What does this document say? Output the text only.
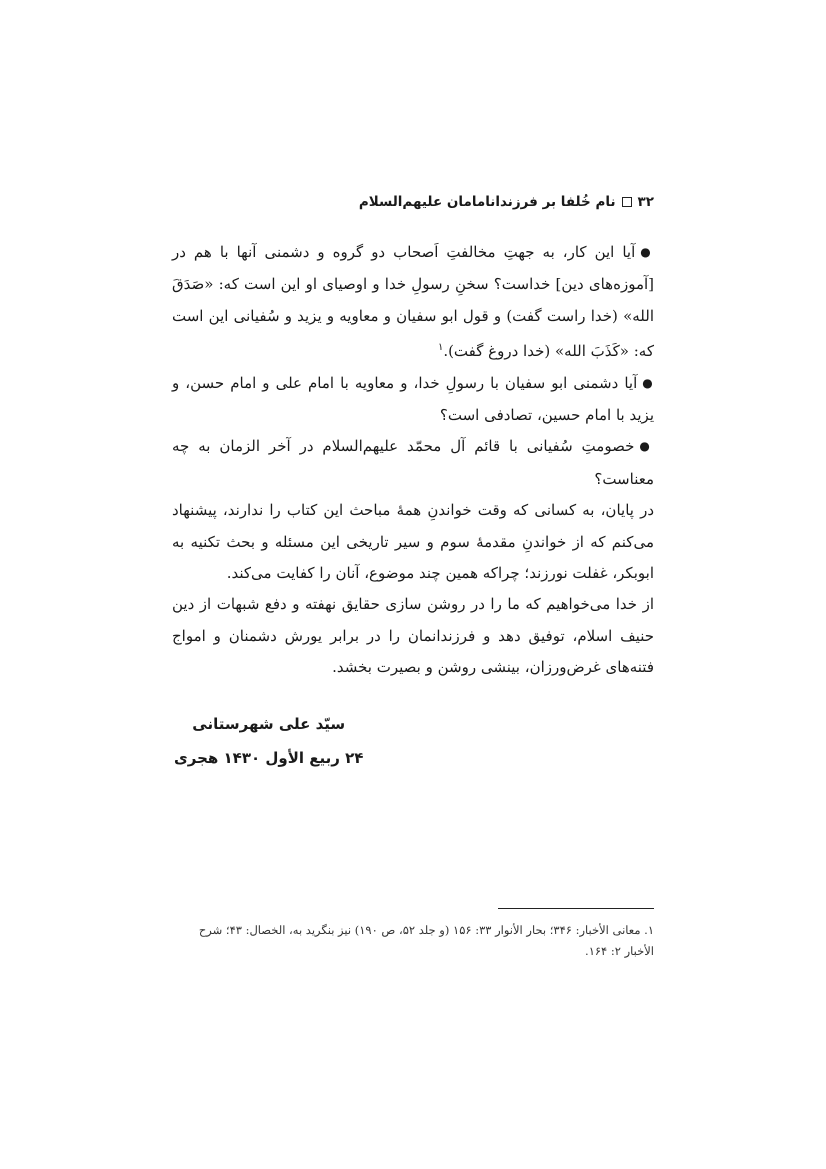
۳۲
نام‌ خُلفا بر فرزندانامامان علیهم‌السلام

● آیا این کار، به جهتِ مخالفتِ اَصحاب دو گروه و دشمنی آنها با هم در [آموزه‌های دین] خداست؟ سخنِ رسولِ خدا و اوصیای او این است که: «صَدَقَ الله» (خدا راست گفت) و قول ابو سفیان و معاویه و یزید و سُفیانی این است که: «کَذَبَ الله» (خدا دروغ گفت).$^۱$

● آیا دشمنی ابو سفیان با رسولِ خدا، و معاویه با امام علی و امام حسن، و یزید با امام حسین، تصادفی است؟

● خصومتِ سُفیانی با قائم آل محمّد علیهم‌السلام در آخر الزمان به چه معناست؟

در پایان، به کسانی که وقت خواندنِ همهٔ مباحث این کتاب را ندارند، پیشنهاد می‌کنم که از خواندنِ مقدمهٔ سوم و سیر تاریخی این مسئله و بحث تکنیه به ابوبکر، غفلت نورزند؛ چراکه همین چند موضوع، آنان را کفایت می‌کند.

از خدا می‌خواهیم که ما را در روشن سازی حقایق نهفته و دفع شبهات از دین حنیف اسلام، توفیق دهد و فرزندانمان را در برابر یورش دشمنان و امواج فتنه‌های غرض‌ورزان، بینشی روشن و بصیرت بخشد.

سیّد علی شهرستانی
۲۴ ربیع الأول ۱۴۳۰ هجری
۱. معانی الأخبار: ۳۴۶؛ بحار الأنوار ۳۳: ۱۵۶ (و جلد ۵۲، ص ۱۹۰) نیز بنگرید به، الخصال: ۴۳؛ شرح الأخبار ۲: ۱۶۴.
